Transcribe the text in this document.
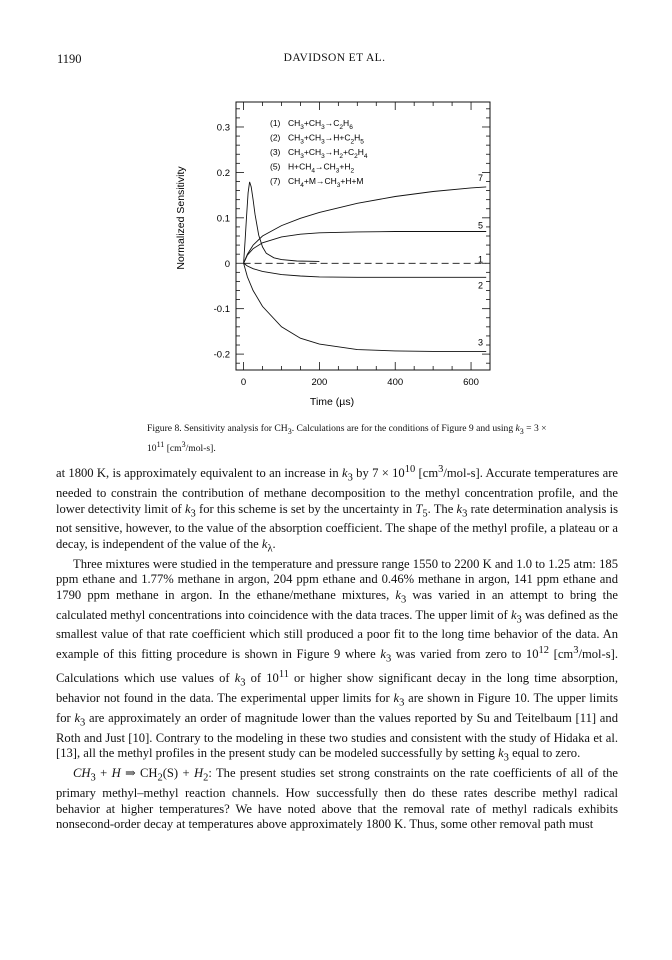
1190	DAVIDSON ET AL.
0.3
0.2
0.1
0
-0.1
-0.2
0	200	400	600
7
5
1
2
3
(1) CH3+CH3→C2H6
(2) CH3+CH3→H+C2H5
(3) CH3+CH3→H2+C2H4
(5) H+CH4→CH3+H2
(7) CH4+M→CH3+H+M
Normalized Sensitivity
Time (µs)
Figure 8. Sensitivity analysis for $CH_3$. Calculations are for the conditions of Figure 9 and using $k_3 = 3 \times 10^{11}$ $[cm^3/mol-s]$.

at 1800 K, is approximately equivalent to an increase in $k_3$ by $7 \times 10^{10}$ $[cm^3/mol-s]$. Accurate temperatures are needed to constrain the contribution of methane decomposition to the methyl concentration profile, and the lower detectivity limit of $k_3$ for this scheme is set by the uncertainty in $T_5$. The $k_3$ rate determination analysis is not sensitive, however, to the value of the absorption coefficient. The shape of the methyl profile, a plateau or a decay, is independent of the value of the $k_\lambda$.

Three mixtures were studied in the temperature and pressure range 1550 to 2200 K and 1.0 to 1.25 atm: 185 ppm ethane and 1.77% methane in argon, 204 ppm ethane and 0.46% methane in argon, 141 ppm ethane and 1790 ppm methane in argon. In the ethane/methane mixtures, $k_3$ was varied in an attempt to bring the calculated methyl concentrations into coincidence with the data traces. The upper limit of $k_3$ was defined as the smallest value of that rate coefficient which still produced a poor fit to the long time behavior of the data. An example of this fitting procedure is shown in Figure 9 where $k_3$ was varied from zero to $10^{12}$ $[cm^3/mol-s]$. Calculations which use values of $k_3$ of $10^{11}$ or higher show significant decay in the long time absorption, behavior not found in the data. The experimental upper limits for $k_3$ are shown in Figure 10. The upper limits for $k_3$ are approximately an order of magnitude lower than the values reported by Su and Teitelbaum [11] and Roth and Just [10]. Contrary to the modeling in these two studies and consistent with the study of Hidaka et al. [13], all the methyl profiles in the present study can be modeled successfully by setting $k_3$ equal to zero.

$CH_3 + H$ ⇒ $CH_2(S) + H_2$: The present studies set strong constraints on the rate coefficients of all of the primary methyl–methyl reaction channels. How successfully then do these rates describe methyl radical behavior at higher temperatures? We have noted above that the removal rate of methyl radicals exhibits nonsecond-order decay at temperatures above approximately 1800 K. Thus, some other removal path must
